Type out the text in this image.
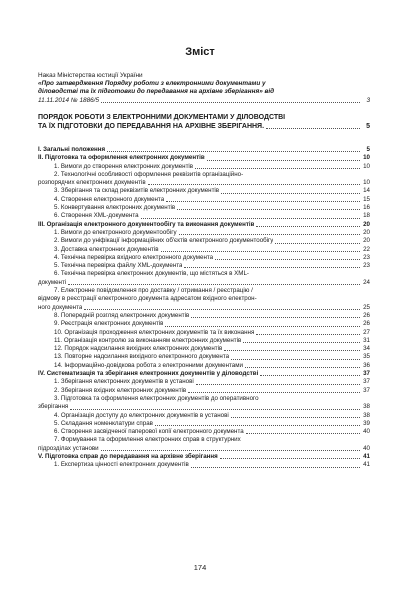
Зміст
Наказ Міністерства юстиції України
«Про затвердження Порядку роботи з електронними документами у
діловодстві та їх підготовки до передавання на архівне зберігання» від
11.11.2014 № 1886/5	3
ПОРЯДОК РОБОТИ З ЕЛЕКТРОННИМИ ДОКУМЕНТАМИ У ДІЛОВОДСТВІ
ТА ЇХ ПІДГОТОВКИ ДО ПЕРЕДАВАННЯ НА АРХІВНЕ ЗБЕРІГАННЯ.	5
І. Загальні положення	5
ІІ. Підготовка та оформлення електронних документів	10
1. Вимоги до створення електронних документів	10
2. Технологічні особливості оформлення реквізитів організаційно-
розпорядчих електронних документів	10
3. Зберігання та склад реквізитів електронних документів	14
4. Створення електронного документа	15
5. Конвертування електронних документів	16
6. Створення XML-документа	18
ІІІ. Організація електронного документообігу та виконання документів	20
1. Вимоги до електронного документообігу	20
2. Вимоги до уніфікації інформаційних об'єктів електронного документообігу	20
3. Доставка електронних документів	22
4. Технічна перевірка вхідного електронного документа	23
5. Технічна перевірка файлу XML-документа	23
6. Технічна перевірка електронних документів, що містяться в XML-
документі	24
7. Електронне повідомлення про доставку / отримання / реєстрацію /
відмову в реєстрації електронного документа адресатом вхідного електрон-
ного документа	25
8. Попередній розгляд електронних документів	26
9. Реєстрація електронних документів	26
10. Організація проходження електронних документів та їх виконання	27
11. Організація контролю за виконанням електронних документів	31
12. Порядок надсилання вихідних електронних документів	34
13. Повторне надсилання вихідного електронного документа	35
14. Інформаційно-довідкова робота з електронними документами	36
IV. Систематизація та зберігання електронних документів у діловодстві	37
1. Зберігання електронних документів в установі	37
2. Зберігання вхідних електронних документів	37
3. Підготовка та оформлення електронних документів до оперативного
зберігання	38
4. Організація доступу до електронних документів в установі	38
5. Складання номенклатури справ	39
6. Створення засвідченої паперової копії електронного документа	40
7. Формування та оформлення електронних справ в структурних
підрозділах установи	40
V. Підготовка справ до передавання на архівне зберігання	41
1. Експертиза цінності електронних документів	41
174
